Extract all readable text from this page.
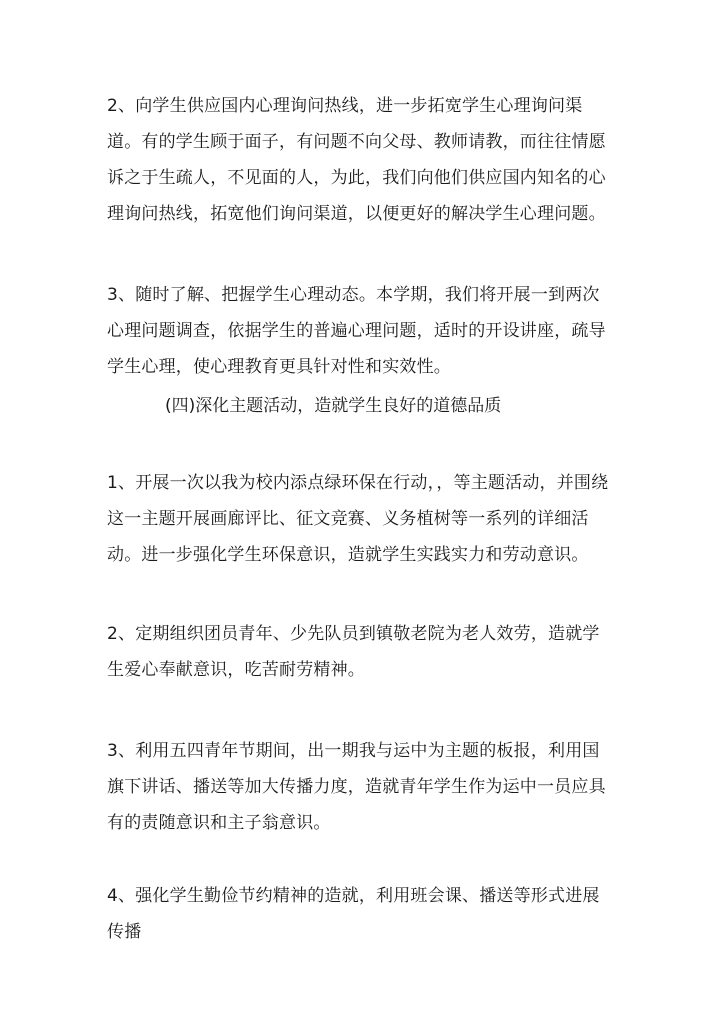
2、向学生供应国内心理询问热线，进一步拓宽学生心理询问渠道。有的学生顾于面子，有问题不向父母、教师请教，而往往情愿诉之于生疏人，不见面的人，为此，我们向他们供应国内知名的心理询问热线，拓宽他们询问渠道，以便更好的解决学生心理问题。

3、随时了解、把握学生心理动态。本学期，我们将开展一到两次心理问题调查，依据学生的普遍心理问题，适时的开设讲座，疏导学生心理，使心理教育更具针对性和实效性。

(四)深化主题活动，造就学生良好的道德品质

1、开展一次以我为校内添点绿环保在行动，，等主题活动，并围绕这一主题开展画廊评比、征文竞赛、义务植树等一系列的详细活动。进一步强化学生环保意识，造就学生实践实力和劳动意识。

2、定期组织团员青年、少先队员到镇敬老院为老人效劳，造就学生爱心奉献意识，吃苦耐劳精神。

3、利用五四青年节期间，出一期我与运中为主题的板报，利用国旗下讲话、播送等加大传播力度，造就青年学生作为运中一员应具有的责随意识和主子翁意识。

4、强化学生勤俭节约精神的造就，利用班会课、播送等形式进展传播
